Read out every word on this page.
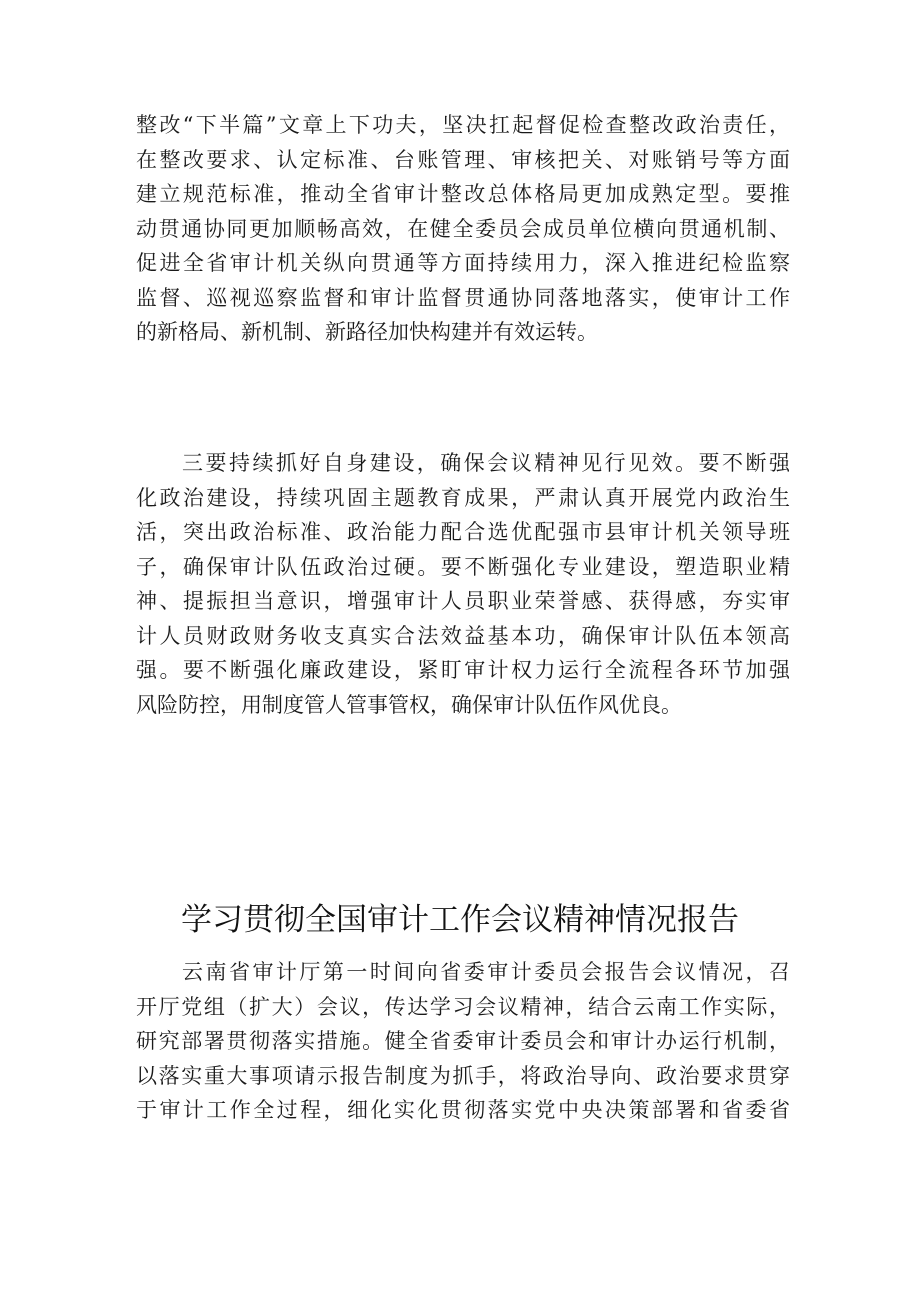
整改“下半篇”文章上下功夫，坚决扛起督促检查整改政治责任，
在整改要求、认定标准、台账管理、审核把关、对账销号等方面
建立规范标准，推动全省审计整改总体格局更加成熟定型。要推
动贯通协同更加顺畅高效，在健全委员会成员单位横向贯通机制、
促进全省审计机关纵向贯通等方面持续用力，深入推进纪检监察
监督、巡视巡察监督和审计监督贯通协同落地落实，使审计工作
的新格局、新机制、新路径加快构建并有效运转。
三要持续抓好自身建设，确保会议精神见行见效。要不断强
化政治建设，持续巩固主题教育成果，严肃认真开展党内政治生
活，突出政治标准、政治能力配合选优配强市县审计机关领导班
子，确保审计队伍政治过硬。要不断强化专业建设，塑造职业精
神、提振担当意识，增强审计人员职业荣誉感、获得感，夯实审
计人员财政财务收支真实合法效益基本功，确保审计队伍本领高
强。要不断强化廉政建设，紧盯审计权力运行全流程各环节加强
风险防控，用制度管人管事管权，确保审计队伍作风优良。
学习贯彻全国审计工作会议精神情况报告
云南省审计厅第一时间向省委审计委员会报告会议情况，召
开厅党组（扩大）会议，传达学习会议精神，结合云南工作实际，
研究部署贯彻落实措施。健全省委审计委员会和审计办运行机制，
以落实重大事项请示报告制度为抓手，将政治导向、政治要求贯穿
于审计工作全过程，细化实化贯彻落实党中央决策部署和省委省
